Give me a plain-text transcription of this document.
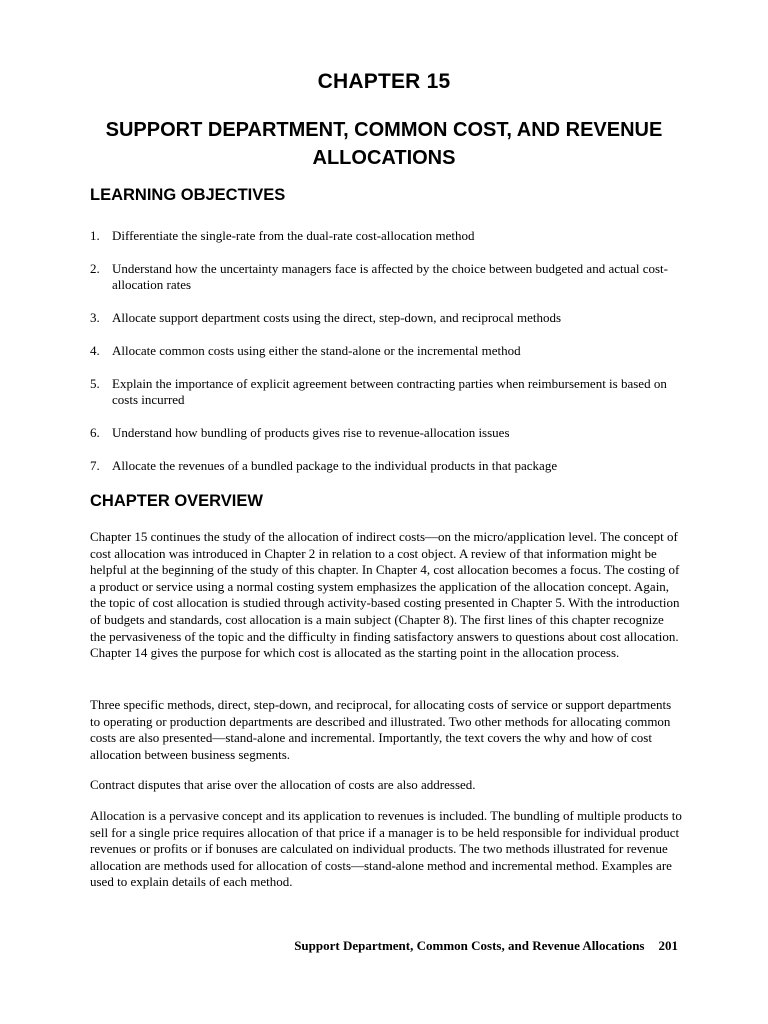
CHAPTER 15
SUPPORT DEPARTMENT, COMMON COST, AND REVENUE ALLOCATIONS
LEARNING OBJECTIVES
1. Differentiate the single-rate from the dual-rate cost-allocation method
2. Understand how the uncertainty managers face is affected by the choice between budgeted and actual cost-allocation rates
3. Allocate support department costs using the direct, step-down, and reciprocal methods
4. Allocate common costs using either the stand-alone or the incremental method
5. Explain the importance of explicit agreement between contracting parties when reimbursement is based on costs incurred
6. Understand how bundling of products gives rise to revenue-allocation issues
7. Allocate the revenues of a bundled package to the individual products in that package
CHAPTER OVERVIEW

Chapter 15 continues the study of the allocation of indirect costs—on the micro/application level. The concept of cost allocation was introduced in Chapter 2 in relation to a cost object. A review of that information might be helpful at the beginning of the study of this chapter. In Chapter 4, cost allocation becomes a focus. The costing of a product or service using a normal costing system emphasizes the application of the allocation concept. Again, the topic of cost allocation is studied through activity-based costing presented in Chapter 5. With the introduction of budgets and standards, cost allocation is a main subject (Chapter 8). The first lines of this chapter recognize the pervasiveness of the topic and the difficulty in finding satisfactory answers to questions about cost allocation. Chapter 14 gives the purpose for which cost is allocated as the starting point in the allocation process.

Three specific methods, direct, step-down, and reciprocal, for allocating costs of service or support departments to operating or production departments are described and illustrated. Two other methods for allocating common costs are also presented—stand-alone and incremental. Importantly, the text covers the why and how of cost allocation between business segments.

Contract disputes that arise over the allocation of costs are also addressed.

Allocation is a pervasive concept and its application to revenues is included. The bundling of multiple products to sell for a single price requires allocation of that price if a manager is to be held responsible for individual product revenues or profits or if bonuses are calculated on individual products. The two methods illustrated for revenue allocation are methods used for allocation of costs—stand-alone method and incremental method. Examples are used to explain details of each method.

Support Department, Common Costs, and Revenue Allocations 201
